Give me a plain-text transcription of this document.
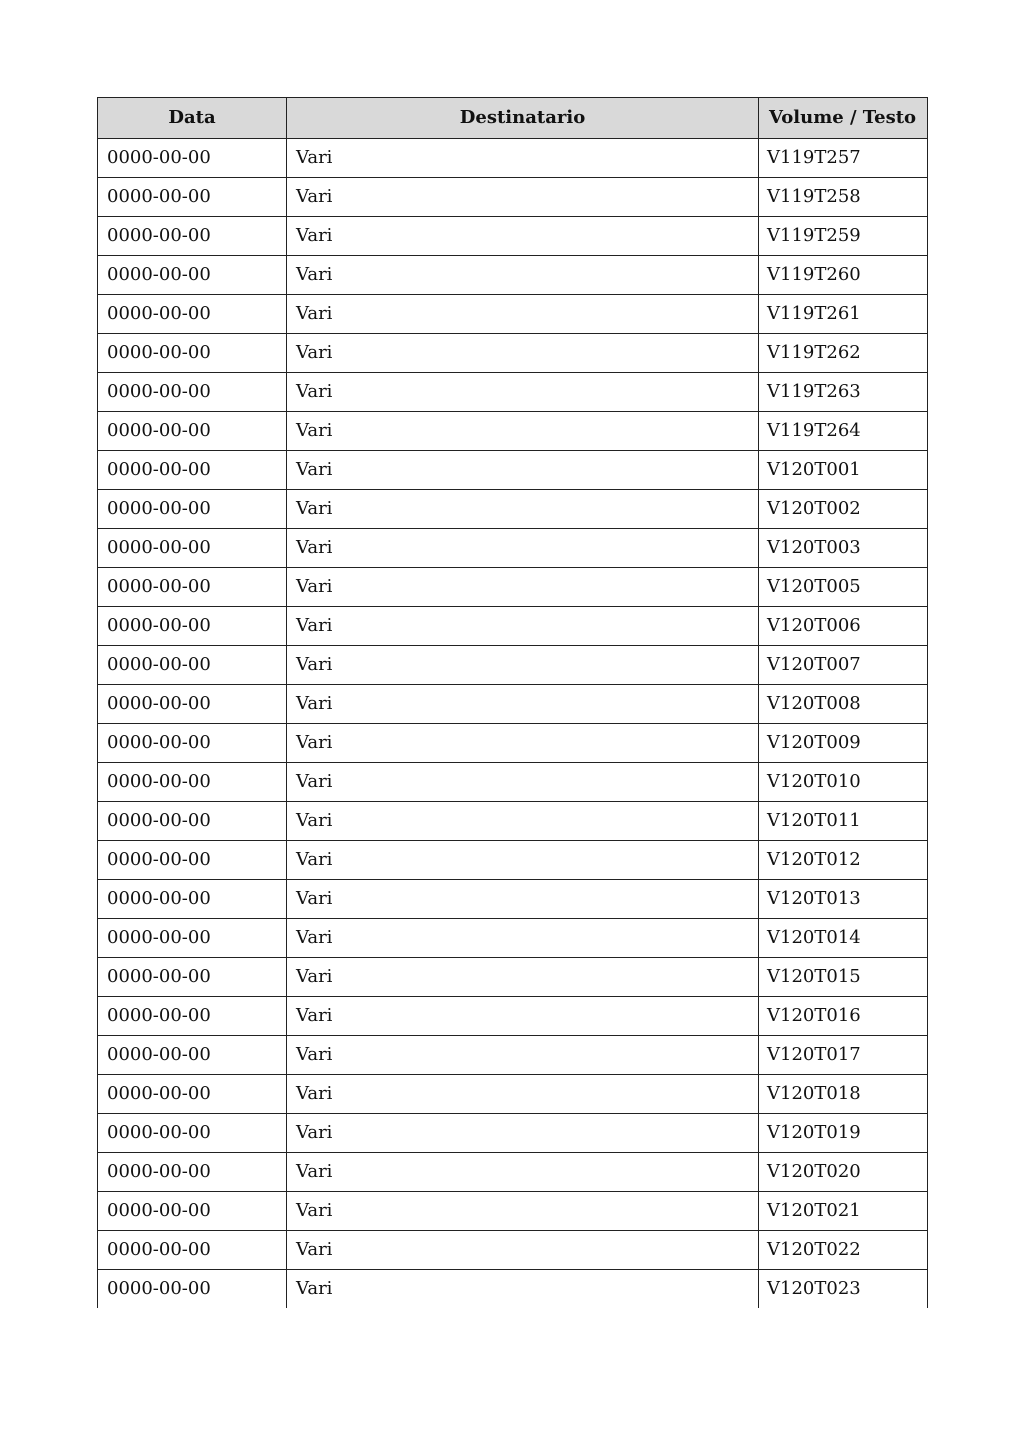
Data	Destinatario	Volume / Testo
0000-00-00	Vari	V119T257
0000-00-00	Vari	V119T258
0000-00-00	Vari	V119T259
0000-00-00	Vari	V119T260
0000-00-00	Vari	V119T261
0000-00-00	Vari	V119T262
0000-00-00	Vari	V119T263
0000-00-00	Vari	V119T264
0000-00-00	Vari	V120T001
0000-00-00	Vari	V120T002
0000-00-00	Vari	V120T003
0000-00-00	Vari	V120T005
0000-00-00	Vari	V120T006
0000-00-00	Vari	V120T007
0000-00-00	Vari	V120T008
0000-00-00	Vari	V120T009
0000-00-00	Vari	V120T010
0000-00-00	Vari	V120T011
0000-00-00	Vari	V120T012
0000-00-00	Vari	V120T013
0000-00-00	Vari	V120T014
0000-00-00	Vari	V120T015
0000-00-00	Vari	V120T016
0000-00-00	Vari	V120T017
0000-00-00	Vari	V120T018
0000-00-00	Vari	V120T019
0000-00-00	Vari	V120T020
0000-00-00	Vari	V120T021
0000-00-00	Vari	V120T022
0000-00-00	Vari	V120T023
